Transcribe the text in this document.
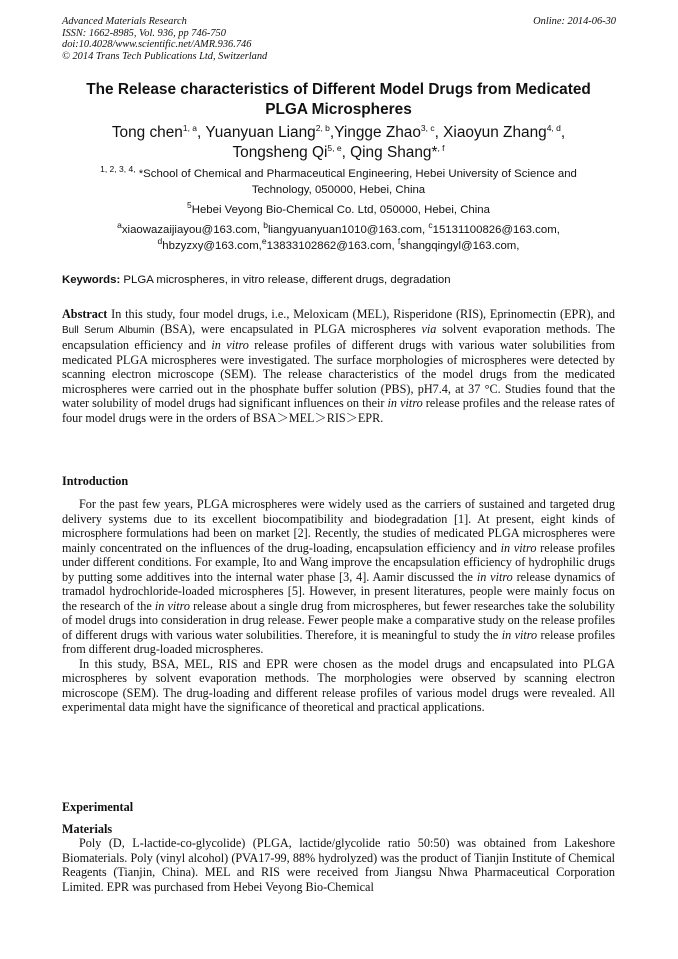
Advanced Materials Research
ISSN: 1662-8985, Vol. 936, pp 746-750
doi:10.4028/www.scientific.net/AMR.936.746
© 2014 Trans Tech Publications Ltd, Switzerland
Online: 2014-06-30
The Release characteristics of Different Model Drugs from Medicated
PLGA Microspheres
Tong chen$^{1, a}$, Yuanyuan Liang$^{2, b}$,Yingge Zhao$^{3, c}$, Xiaoyun Zhang$^{4, d}$,
Tongsheng Qi$^{5, e}$, Qing Shang*$^{, f}$
$^{1, 2, 3, 4,}$ *School of Chemical and Pharmaceutical Engineering, Hebei University of Science and
Technology, 050000, Hebei, China
$^5$Hebei Veyong Bio-Chemical Co. Ltd, 050000, Hebei, China
$^a$xiaowazaijiayou@163.com, $^b$liangyuanyuan1010@163.com, $^c$15131100826@163.com,
$^d$hbzyzxy@163.com,$^e$13833102862@163.com, $^f$shangqingyl@163.com,
Keywords: PLGA microspheres, in vitro release, different drugs, degradation
Abstract In this study, four model drugs, i.e., Meloxicam (MEL), Risperidone (RIS), Eprinomectin (EPR), and Bull Serum Albumin (BSA), were encapsulated in PLGA microspheres via solvent evaporation methods. The encapsulation efficiency and in vitro release profiles of different drugs with various water solubilities from medicated PLGA microspheres were investigated. The surface morphologies of microspheres were detected by scanning electron microscope (SEM). The release characteristics of the model drugs from the medicated microspheres were carried out in the phosphate buffer solution (PBS), pH7.4, at 37 °C. Studies found that the water solubility of model drugs had significant influences on their in vitro release profiles and the release rates of four model drugs were in the orders of BSA＞MEL＞RIS＞EPR.
Introduction

For the past few years, PLGA microspheres were widely used as the carriers of sustained and targeted drug delivery systems due to its excellent biocompatibility and biodegradation [1]. At present, eight kinds of microsphere formulations had been on market [2]. Recently, the studies of medicated PLGA microspheres were mainly concentrated on the influences of the drug-loading, encapsulation efficiency and in vitro release profiles under different conditions. For example, Ito and Wang improve the encapsulation efficiency of hydrophilic drugs by putting some additives into the internal water phase [3, 4]. Aamir discussed the in vitro release dynamics of tramadol hydrochloride-loaded microspheres [5]. However, in present literatures, people were mainly focus on the research of the in vitro release about a single drug from microspheres, but fewer researches take the solubility of model drugs into consideration in drug release. Fewer people make a comparative study on the release profiles of different drugs with various water solubilities. Therefore, it is meaningful to study the in vitro release profiles from different drug-loaded microspheres.

In this study, BSA, MEL, RIS and EPR were chosen as the model drugs and encapsulated into PLGA microspheres by solvent evaporation methods. The morphologies were observed by scanning electron microscope (SEM). The drug-loading and different release profiles of various model drugs were revealed. All experimental data might have the significance of theoretical and practical applications.

Experimental
Materials

Poly (D, L-lactide-co-glycolide) (PLGA, lactide/glycolide ratio 50:50) was obtained from Lakeshore Biomaterials. Poly (vinyl alcohol) (PVA17-99, 88% hydrolyzed) was the product of Tianjin Institute of Chemical Reagents (Tianjin, China). MEL and RIS were received from Jiangsu Nhwa Pharmaceutical Corporation Limited. EPR was purchased from Hebei Veyong Bio-Chemical
